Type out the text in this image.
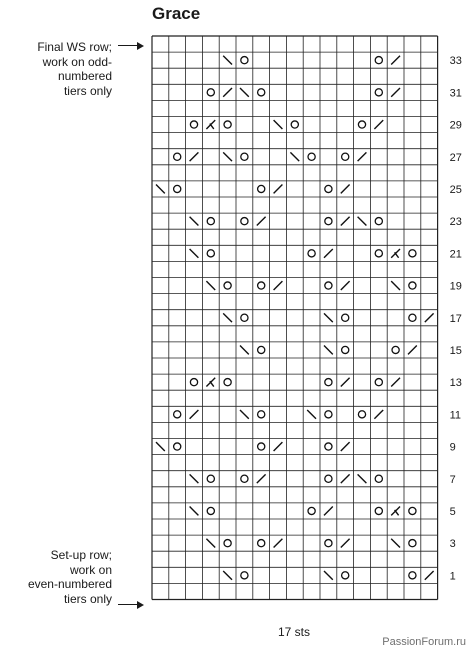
Grace
Final WS row;
work on odd-
numbered
tiers only
Set-up row;
work on
even-numbered
tiers only
1
3
5
7
9
11
13
15
17
19
21
23
25
27
29
31
33
17 sts
PassionForum.ru
